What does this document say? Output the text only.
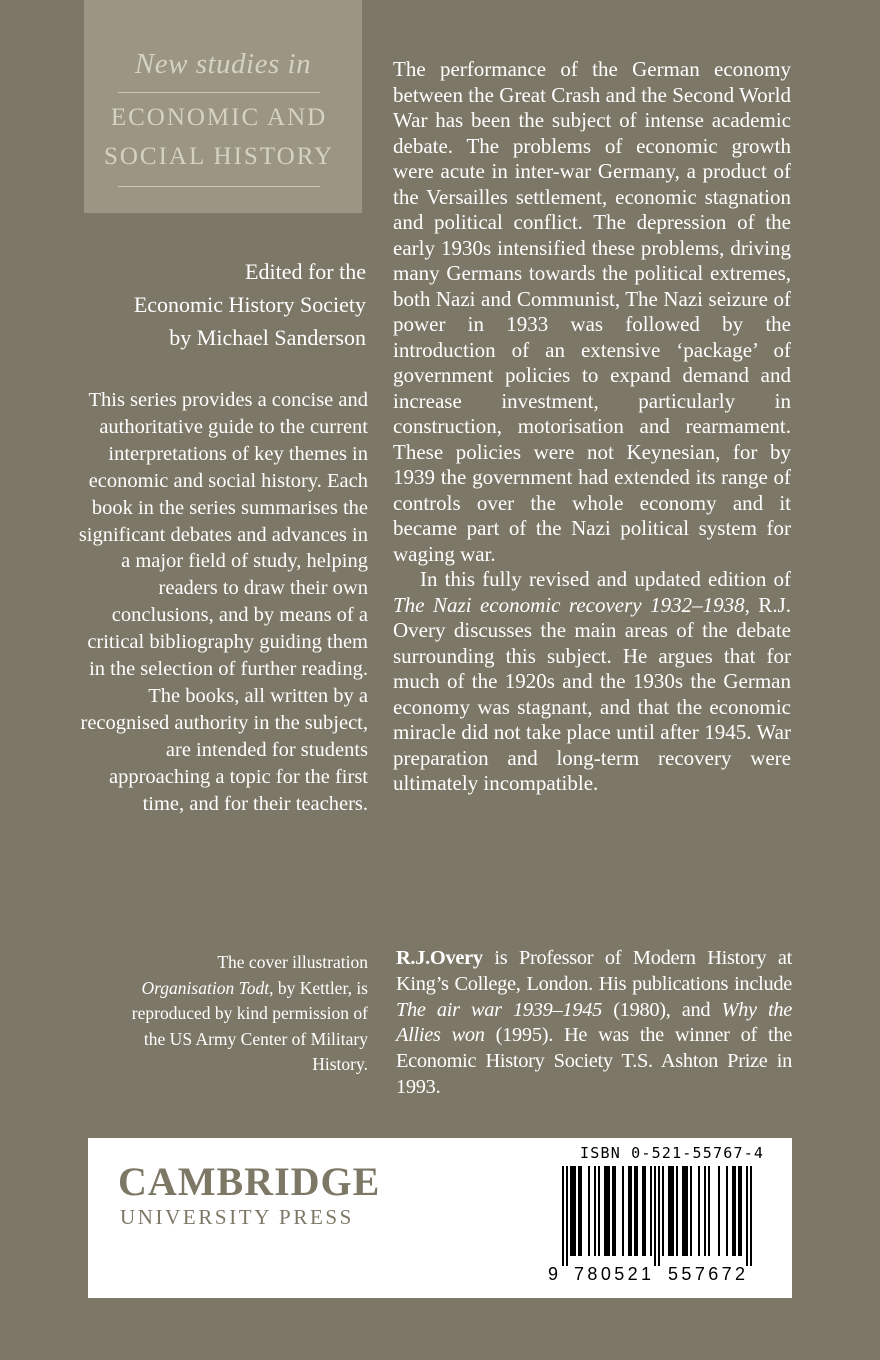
New studies in
ECONOMIC AND
SOCIAL HISTORY
Edited for the
Economic History Society
by Michael Sanderson

This series provides a concise and authoritative guide to the current interpretations of key themes in economic and social history. Each book in the series summarises the significant debates and advances in a major field of study, helping readers to draw their own conclusions, and by means of a critical bibliography guiding them in the selection of further reading. The books, all written by a recognised authority in the subject, are intended for students approaching a topic for the first time, and for their teachers.

The cover illustration
Organisation Todt, by Kettler, is reproduced by kind permission of the US Army Center of Military History.

The performance of the German economy between the Great Crash and the Second World War has been the subject of intense academic debate. The problems of economic growth were acute in inter-war Germany, a product of the Versailles settlement, economic stagnation and political conflict. The depression of the early 1930s intensified these problems, driving many Germans towards the political extremes, both Nazi and Communist, The Nazi seizure of power in 1933 was followed by the introduction of an extensive ‘package’ of government policies to expand demand and increase investment, particularly in construction, motorisation and rearmament. These policies were not Keynesian, for by 1939 the government had extended its range of controls over the whole economy and it became part of the Nazi political system for waging war.

In this fully revised and updated edition of The Nazi economic recovery 1932–1938, R.J. Overy discusses the main areas of the debate surrounding this subject. He argues that for much of the 1920s and the 1930s the German economy was stagnant, and that the economic miracle did not take place until after 1945. War preparation and long-term recovery were ultimately incompatible.

R.J.Overy is Professor of Modern History at King’s College, London. His publications include The air war 1939–1945 (1980), and Why the Allies won (1995). He was the winner of the Economic History Society T.S. Ashton Prize in 1993.

CAMBRIDGE
UNIVERSITY PRESS
ISBN 0-521-55767-4
9 780521 557672
